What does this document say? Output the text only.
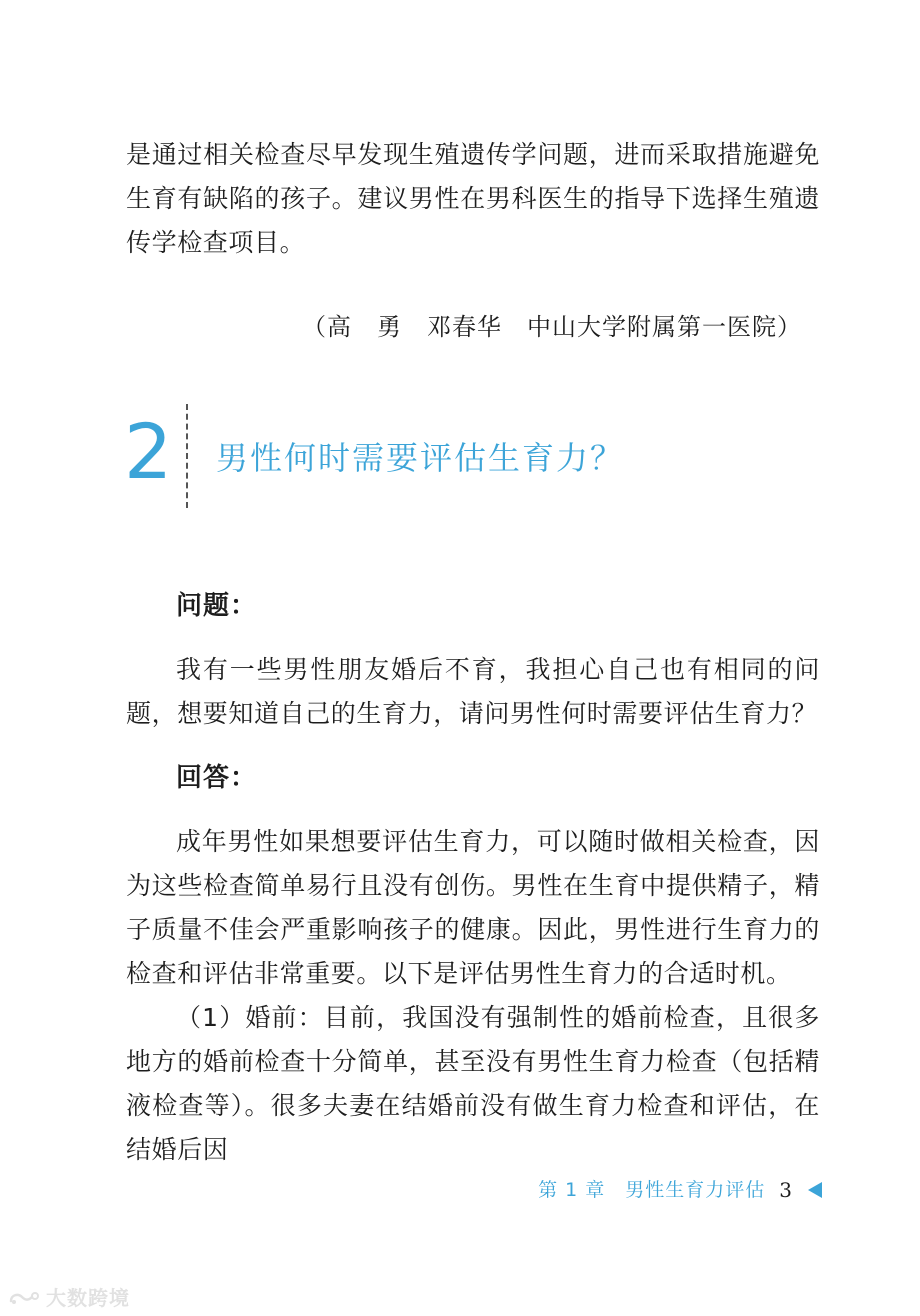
是通过相关检查尽早发现生殖遗传学问题，进而采取措施避免生育有缺陷的孩子。建议男性在男科医生的指导下选择生殖遗传学检查项目。

（高　勇　邓春华　中山大学附属第一医院）
2 男性何时需要评估生育力？
问题：

我有一些男性朋友婚后不育，我担心自己也有相同的问题，想要知道自己的生育力，请问男性何时需要评估生育力？

回答：

成年男性如果想要评估生育力，可以随时做相关检查，因为这些检查简单易行且没有创伤。男性在生育中提供精子，精子质量不佳会严重影响孩子的健康。因此，男性进行生育力的检查和评估非常重要。以下是评估男性生育力的合适时机。

（1）婚前：目前，我国没有强制性的婚前检查，且很多地方的婚前检查十分简单，甚至没有男性生育力检查（包括精液检查等）。很多夫妻在结婚前没有做生育力检查和评估，在结婚后因

第 1 章　男性生育力评估 3
大数跨境
